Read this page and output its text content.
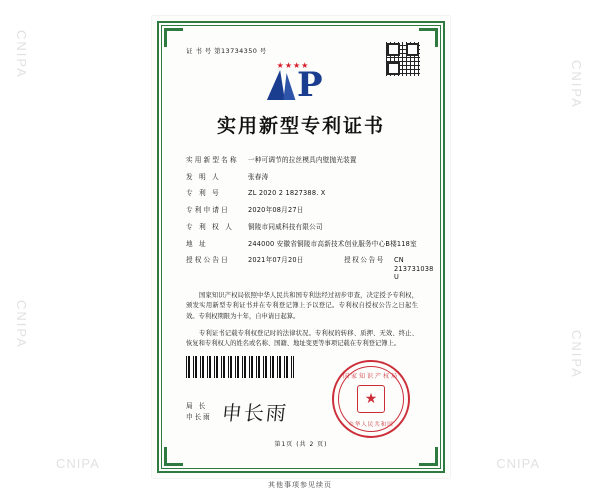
证 书 号 第13734350 号
★★★★
P
实用新型专利证书
实用新型名称	一种可调节的拉丝模具内壁抛光装置
发 明 人	张春涛
专 利 号	ZL 2020 2 1827388. X
专利申请日	2020年08月27日
专 利 权 人	铜陵市同威科技有限公司
地 址	244000 安徽省铜陵市高新技术创业服务中心B楼118室
授权公告日	2021年07月20日	授权公告号	CN 213731038 U

国家知识产权局依照中华人民共和国专利法经过初步审查，决定授予专利权，颁发实用新型专利证书并在专利登记簿上予以登记。专利权自授权公告之日起生效。专利权期限为十年，自申请日起算。

专利证书记载专利权登记时的法律状况。专利权的转移、质押、无效、终止、恢复和专利权人的姓名或名称、国籍、地址变更等事项记载在专利登记簿上。

局 长
申长雨 申长雨
国家知识产权局
★
中华人民共和国
第1页 (共 2 页)
其他事项参见续页
CNIPA
CNIPA
CNIPA
CNIPA
CNIPA	CNIPA
